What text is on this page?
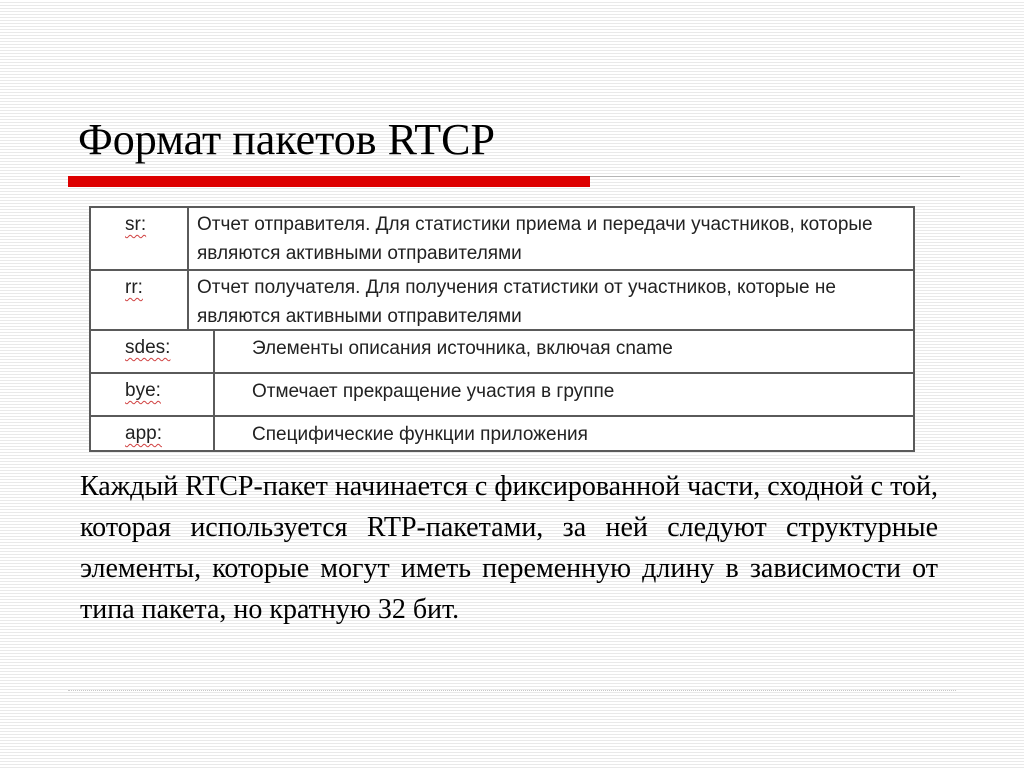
Формат пакетов RTCP
sr:	Отчет отправителя. Для статистики приема и передачи участников, которые являются активными отправителями
rr:	Отчет получателя. Для получения статистики от участников, которые не являются активными отправителями
sdes:	Элементы описания источника, включая cname
bye:	Отмечает прекращение участия в группе
app:	Специфические функции приложения

Каждый RTCP-пакет начинается с фиксированной части, сходной с той, которая используется RTP-пакетами, за ней следуют структурные элементы, которые могут иметь переменную длину в зависимости от типа пакета, но кратную 32 бит.
